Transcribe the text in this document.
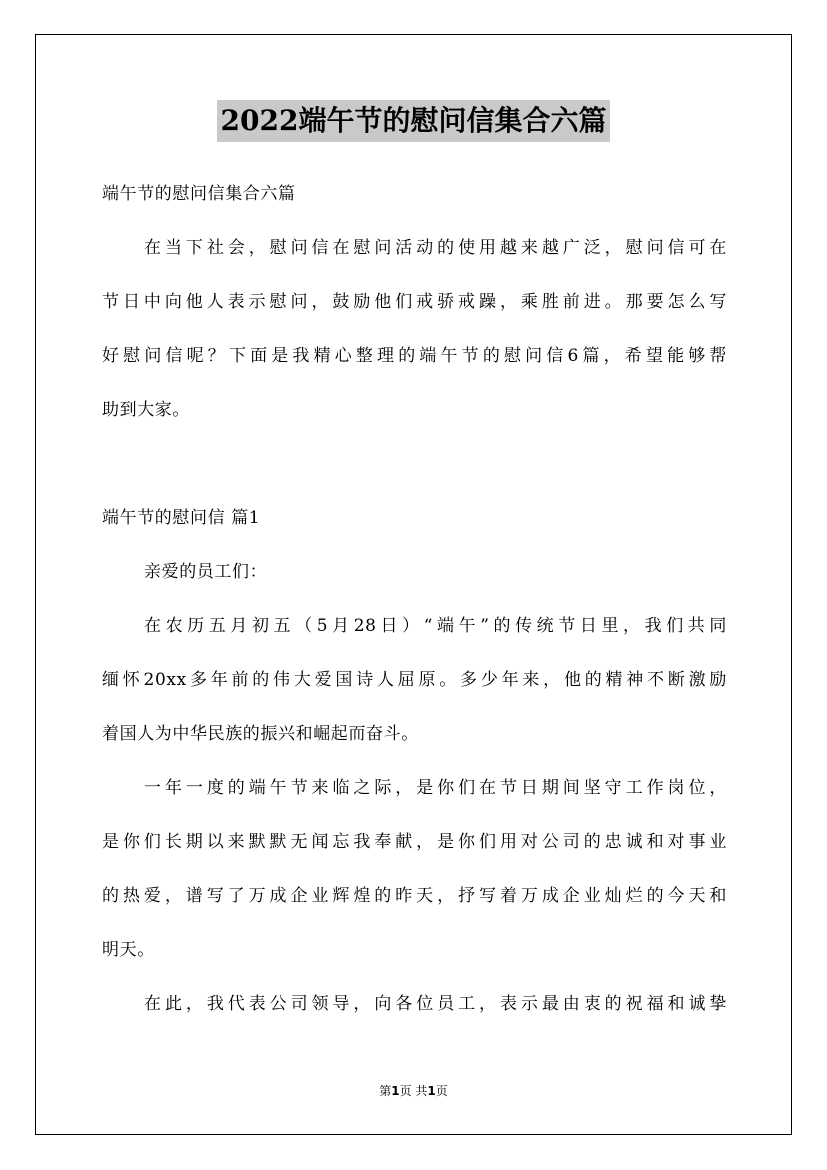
2022端午节的慰问信集合六篇
端午节的慰问信集合六篇
在当下社会，慰问信在慰问活动的使用越来越广泛，慰问信可在
节日中向他人表示慰问，鼓励他们戒骄戒躁，乘胜前进。那要怎么写
好慰问信呢？下面是我精心整理的端午节的慰问信6篇，希望能够帮
助到大家。
端午节的慰问信 篇1
亲爱的员工们：
在农历五月初五（5月28日）“端午”的传统节日里，我们共同
缅怀20xx多年前的伟大爱国诗人屈原。多少年来，他的精神不断激励
着国人为中华民族的振兴和崛起而奋斗。
一年一度的端午节来临之际，是你们在节日期间坚守工作岗位，
是你们长期以来默默无闻忘我奉献，是你们用对公司的忠诚和对事业
的热爱，谱写了万成企业辉煌的昨天，抒写着万成企业灿烂的今天和
明天。
在此，我代表公司领导，向各位员工，表示最由衷的祝福和诚挚
第1页 共1页
